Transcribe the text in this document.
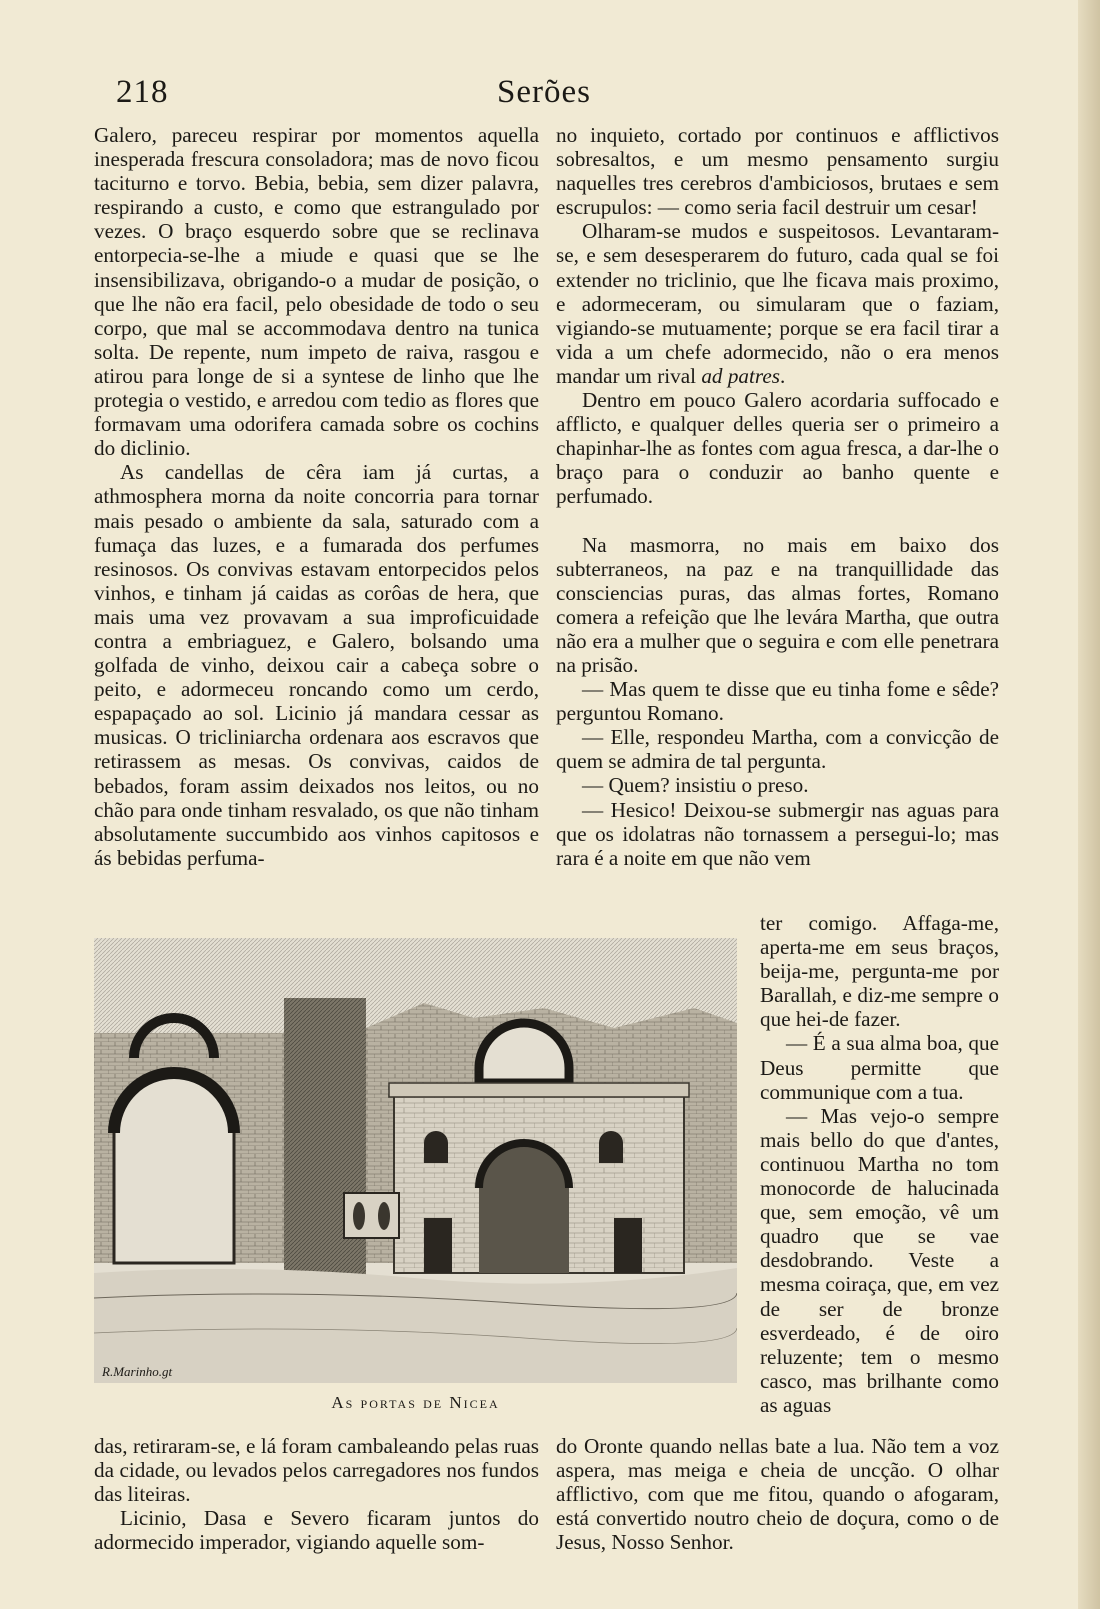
218	Serões

Galero, pareceu respirar por momentos aquella inesperada frescura consoladora; mas de novo ficou taciturno e torvo. Bebia, bebia, sem dizer palavra, respirando a custo, e como que estrangulado por vezes. O braço esquerdo sobre que se reclinava entorpecia-se-lhe a miude e quasi que se lhe insensibilizava, obrigando-o a mudar de posição, o que lhe não era facil, pelo obesidade de todo o seu corpo, que mal se accommodava dentro na tunica solta. De repente, num impeto de raiva, rasgou e atirou para longe de si a syntese de linho que lhe protegia o vestido, e arredou com tedio as flores que formavam uma odorifera camada sobre os cochins do diclinio.

As candellas de cêra iam já curtas, a athmosphera morna da noite concorria para tornar mais pesado o ambiente da sala, saturado com a fumaça das luzes, e a fumarada dos perfumes resinosos. Os convivas estavam entorpecidos pelos vinhos, e tinham já caidas as corôas de hera, que mais uma vez provavam a sua improficuidade contra a embriaguez, e Galero, bolsando uma golfada de vinho, deixou cair a cabeça sobre o peito, e adormeceu roncando como um cerdo, espapaçado ao sol. Licinio já mandara cessar as musicas. O tricliniarcha ordenara aos escravos que retirassem as mesas. Os convivas, caidos de bebados, foram assim deixados nos leitos, ou no chão para onde tinham resvalado, os que não tinham absolutamente succumbido aos vinhos capitosos e ás bebidas perfuma-

no inquieto, cortado por continuos e afflictivos sobresaltos, e um mesmo pensamento surgiu naquelles tres cerebros d'ambiciosos, brutaes e sem escrupulos: — como seria facil destruir um cesar!

Olharam-se mudos e suspeitosos. Levantaram-se, e sem desesperarem do futuro, cada qual se foi extender no triclinio, que lhe ficava mais proximo, e adormeceram, ou simularam que o faziam, vigiando-se mutuamente; porque se era facil tirar a vida a um chefe adormecido, não o era menos mandar um rival ad patres.

Dentro em pouco Galero acordaria suffocado e afflicto, e qualquer delles queria ser o primeiro a chapinhar-lhe as fontes com agua fresca, a dar-lhe o braço para o conduzir ao banho quente e perfumado.

Na masmorra, no mais em baixo dos subterraneos, na paz e na tranquillidade das consciencias puras, das almas fortes, Romano comera a refeição que lhe levára Martha, que outra não era a mulher que o seguira e com elle penetrara na prisão.

— Mas quem te disse que eu tinha fome e sêde? perguntou Romano.

— Elle, respondeu Martha, com a convicção de quem se admira de tal pergunta.

— Quem? insistiu o preso.

— Hesico! Deixou-se submergir nas aguas para que os idolatras não tornassem a persegui-lo; mas rara é a noite em que não vem

R.Marinho.gt
As portas de Nicea

ter comigo. Affaga-me, aperta-me em seus braços, beija-me, pergunta-me por Barallah, e diz-me sempre o que hei-de fazer.

— É a sua alma boa, que Deus permitte que communique com a tua.

— Mas vejo-o sempre mais bello do que d'antes, continuou Martha no tom monocorde de halucinada que, sem emoção, vê um quadro que se vae desdobrando. Veste a mesma coiraça, que, em vez de ser de bronze esverdeado, é de oiro reluzente; tem o mesmo casco, mas brilhante como as aguas

das, retiraram-se, e lá foram cambaleando pelas ruas da cidade, ou levados pelos carregadores nos fundos das liteiras.

Licinio, Dasa e Severo ficaram juntos do adormecido imperador, vigiando aquelle som-

do Oronte quando nellas bate a lua. Não tem a voz aspera, mas meiga e cheia de uncção. O olhar afflictivo, com que me fitou, quando o afogaram, está convertido noutro cheio de doçura, como o de Jesus, Nosso Senhor.
